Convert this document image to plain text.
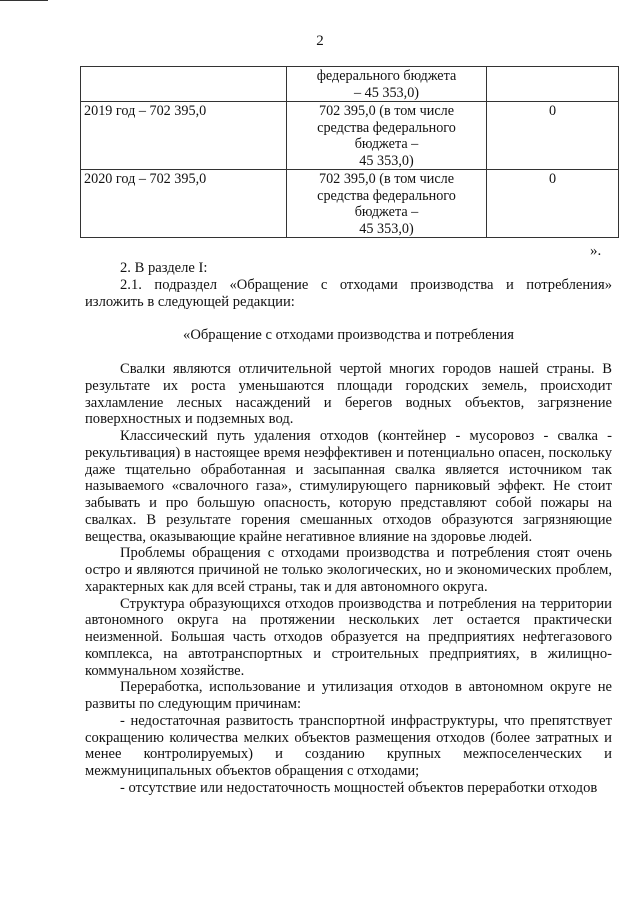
2

	федерального бюджета
– 45 353,0)	

2019 год – 702 395,0	702 395,0 (в том числе
средства федерального
бюджета –
45 353,0)	0
2020 год – 702 395,0	702 395,0 (в том числе
средства федерального
бюджета –
45 353,0)	0
».

2. В разделе I:

2.1. подраздел «Обращение с отходами производства и потребления» изложить в следующей редакции:

«Обращение с отходами производства и потребления

Свалки являются отличительной чертой многих городов нашей страны. В результате их роста уменьшаются площади городских земель, происходит захламление лесных насаждений и берегов водных объектов, загрязнение поверхностных и подземных вод.

Классический путь удаления отходов (контейнер - мусоровоз - свалка - рекультивация) в настоящее время неэффективен и потенциально опасен, поскольку даже тщательно обработанная и засыпанная свалка является источником так называемого «свалочного газа», стимулирующего парниковый эффект. Не стоит забывать и про большую опасность, которую представляют собой пожары на свалках. В результате горения смешанных отходов образуются загрязняющие вещества, оказывающие крайне негативное влияние на здоровье людей.

Проблемы обращения с отходами производства и потребления стоят очень остро и являются причиной не только экологических, но и экономических проблем, характерных как для всей страны, так и для автономного округа.

Структура образующихся отходов производства и потребления на территории автономного округа на протяжении нескольких лет остается практически неизменной. Большая часть отходов образуется на предприятиях нефтегазового комплекса, на автотранспортных и строительных предприятиях, в жилищно-коммунальном хозяйстве.

Переработка, использование и утилизация отходов в автономном округе не развиты по следующим причинам:

- недостаточная развитость транспортной инфраструктуры, что препятствует сокращению количества мелких объектов размещения отходов (более затратных и менее контролируемых) и созданию крупных межпоселенческих и межмуниципальных объектов обращения с отходами;

- отсутствие или недостаточность мощностей объектов переработки отходов
